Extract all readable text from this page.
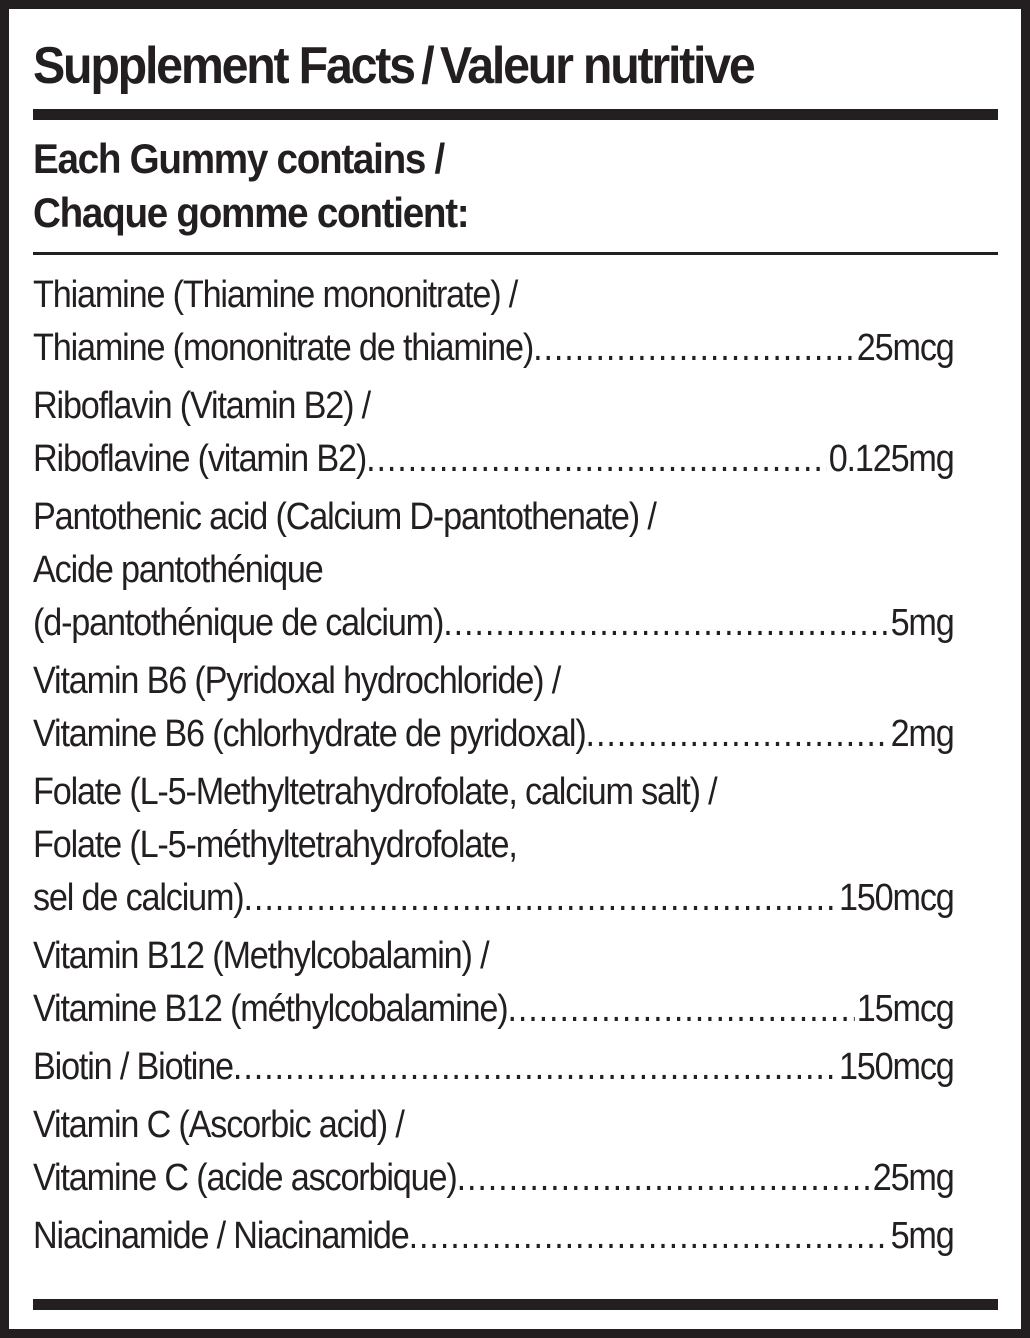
Supplement Facts / Valeur nutritive
Each Gummy contains /
Chaque gomme contient:
Thiamine (Thiamine mononitrate) /
Thiamine (mononitrate de thiamine) .....	25mcg
Riboflavin (Vitamin B2) /
Riboflavine (vitamin B2) .....	0.125mg
Pantothenic acid (Calcium D-pantothenate) /
Acide pantothénique
(d-pantothénique de calcium) .....	5mg
Vitamin B6 (Pyridoxal hydrochloride) /
Vitamine B6 (chlorhydrate de pyridoxal) .....	2mg
Folate (L-5-Methyltetrahydrofolate, calcium salt) /
Folate (L-5-méthyltetrahydrofolate,
sel de calcium) .....	150mcg
Vitamin B12 (Methylcobalamin) /
Vitamine B12 (méthylcobalamine) .....	15mcg
Biotin / Biotine .....	150mcg
Vitamin C (Ascorbic acid) /
Vitamine C (acide ascorbique) .....	25mg
Niacinamide / Niacinamide .....	5mg
